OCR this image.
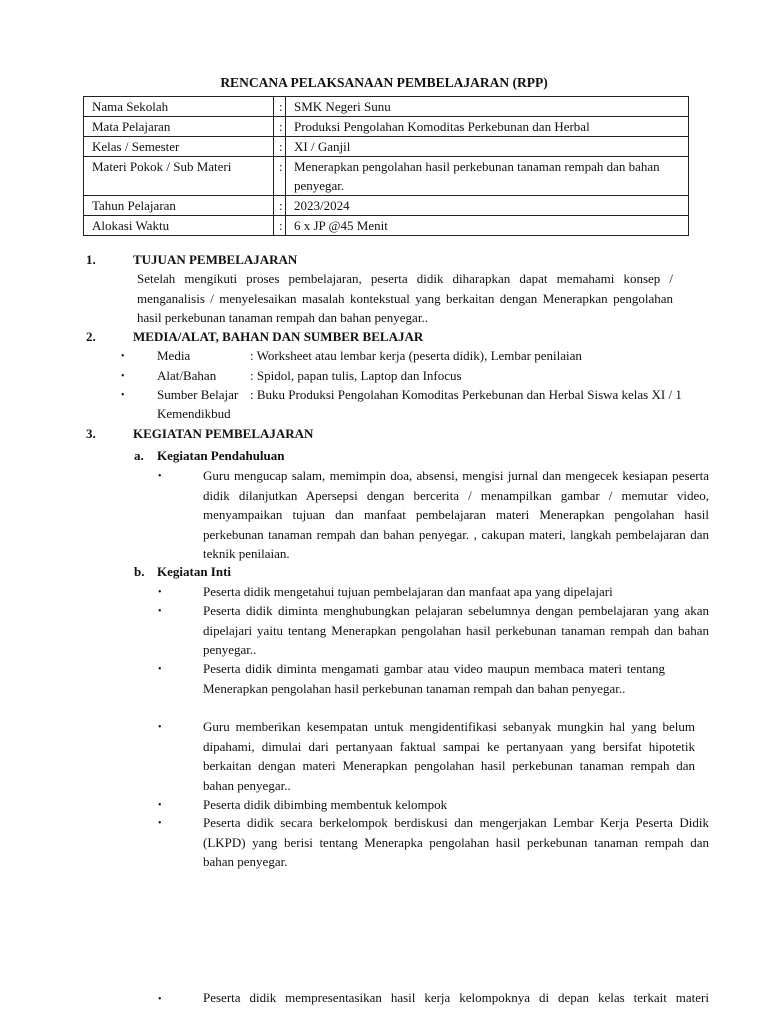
RENCANA PELAKSANAAN PEMBELAJARAN (RPP)
Nama Sekolah	:	SMK Negeri Sunu
Mata Pelajaran	:	Produksi Pengolahan Komoditas Perkebunan dan Herbal
Kelas / Semester	:	XI / Ganjil
Materi Pokok / Sub Materi	:	Menerapkan pengolahan hasil perkebunan tanaman rempah dan bahan penyegar.
Tahun Pelajaran	:	2023/2024
Alokasi Waktu	:	6 x JP @45 Menit
1.	TUJUAN PEMBELAJARAN
Setelah mengikuti proses pembelajaran, peserta didik diharapkan dapat memahami konsep / menganalisis / menyelesaikan masalah kontekstual yang berkaitan dengan Menerapkan pengolahan hasil perkebunan tanaman rempah dan bahan penyegar..
2.	MEDIA/ALAT, BAHAN DAN SUMBER BELAJAR
• Media	: Worksheet atau lembar kerja (peserta didik), Lembar penilaian
• Alat/Bahan	: Spidol, papan tulis, Laptop dan Infocus
• Sumber Belajar : Buku Produksi Pengolahan Komoditas Perkebunan dan Herbal Siswa kelas XI / 1
Kemendikbud
3.	KEGIATAN PEMBELAJARAN
a. Kegiatan Pendahuluan
•	Guru mengucap salam, memimpin doa, absensi, mengisi jurnal dan mengecek kesiapan peserta didik dilanjutkan Apersepsi dengan bercerita / menampilkan gambar / memutar video, menyampaikan tujuan dan manfaat pembelajaran materi Menerapkan pengolahan hasil perkebunan tanaman rempah dan bahan penyegar. , cakupan materi, langkah pembelajaran dan teknik penilaian.
b. Kegiatan Inti
•	Peserta didik mengetahui tujuan pembelajaran dan manfaat apa yang dipelajari
•	Peserta didik diminta menghubungkan pelajaran sebelumnya dengan pembelajaran yang akan dipelajari yaitu tentang Menerapkan pengolahan hasil perkebunan tanaman rempah dan bahan penyegar..
•	Peserta didik diminta mengamati gambar atau video maupun membaca materi tentang Menerapkan pengolahan hasil perkebunan tanaman rempah dan bahan penyegar..
•	Guru memberikan kesempatan untuk mengidentifikasi sebanyak mungkin hal yang belum dipahami, dimulai dari pertanyaan faktual sampai ke pertanyaan yang bersifat hipotetik berkaitan dengan materi Menerapkan pengolahan hasil perkebunan tanaman rempah dan bahan penyegar..
•	Peserta didik dibimbing membentuk kelompok
•	Peserta didik secara berkelompok berdiskusi dan mengerjakan Lembar Kerja Peserta Didik (LKPD) yang berisi tentang Menerapka pengolahan hasil perkebunan tanaman rempah dan bahan penyegar.
•	Peserta didik mempresentasikan hasil kerja kelompoknya di depan kelas terkait materi
